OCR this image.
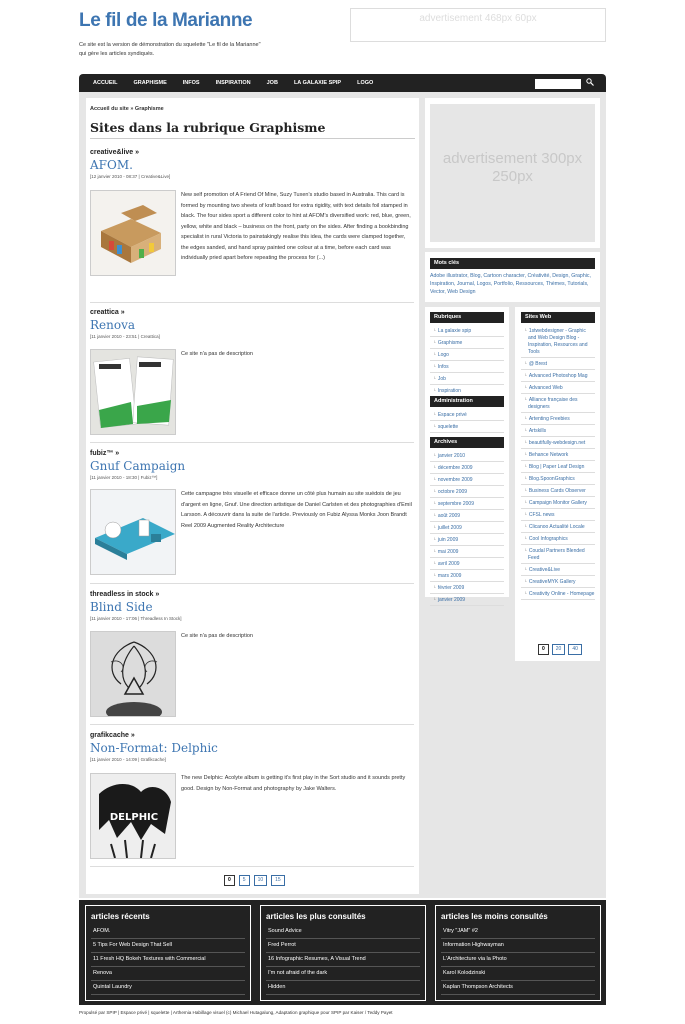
Le fil de la Marianne
Ce site est la version de démonstration du squelette "Le fil de la Marianne" qui gère les articles syndiqués.
advertisement 468px 60px
ACCUEIL	GRAPHISME	INFOS	INSPIRATION	JOB	LA GALAXIE SPIP	LOGO
Accueil du site » Graphisme
Sites dans la rubrique Graphisme
creative&live »
AFOM.
[12 janvier 2010 - 08:37 | Creative&Live]
New self promotion of A Friend Of Mine, Suzy Tuxen's studio based in Australia. This card is formed by mounting two sheets of kraft board for extra rigidity, with text details foil stamped in black. The four sides sport a different color to hint at AFOM's diversified work: red, blue, green, yellow, white and black – business on the front, party on the sides. After finding a bookbinding specialist in rural Victoria to painstakingly realise this idea, the cards were clamped together, the edges sanded, and hand spray painted one colour at a time, before each card was individually pried apart before repeating the process for (...)
creattica »
Renova
[11 janvier 2010 - 23:51 | Creattica]
Ce site n'a pas de description
fubiz™ »
Gnuf Campaign
[11 janvier 2010 - 18:30 | Fubiz™]
Cette campagne très visuelle et efficace donne un côté plus humain au site suédois de jeu d'argent en ligne, Gnuf. Une direction artistique de Daniel Carlsten et des photographies d'Emil Larsson. A découvrir dans la suite de l'article. Previously on Fubiz Alyssa Monks Joon Brandt Reel 2009 Augmented Reality Architecture
threadless in stock »
Blind Side
[11 janvier 2010 - 17:06 | Threadless In Stock]
Ce site n'a pas de description
grafikcache »
Non-Format: Delphic
[11 janvier 2010 - 14:09 | Grafikcache]
DELPHIC
The new Delphic: Acolyte album is getting it's first play in the Sort studio and it sounds pretty good. Design by Non-Format and photography by Jake Walters.
0	5	10	15
advertisement 300px 250px
Mots clés
Adobe illustrator, Blog, Cartoon character, Créativité, Design, Graphic, Inspiration, Journal, Logos, Portfolio, Ressources, Thèmes, Tutorials, Vector, Web Design
Rubriques
└ La galaxie spip
└ Graphisme
└ Logo
└ Infos
└ Job
└ Inspiration
Administration
└ Espace privé
└ squelette
Archives
└ janvier 2010
└ décembre 2009
└ novembre 2009
└ octobre 2009
└ septembre 2009
└ août 2009
└ juillet 2009
└ juin 2009
└ mai 2009
└ avril 2009
└ mars 2009
└ février 2009
└ janvier 2009
Sites Web
└ 1stwebdesigner - Graphic and Web Design Blog - Inspiration, Resources and Tools
└ @ Brest
└ Advanced Photoshop Mag
└ Advanced Web
└ Alliance française des designers
└ Artenting Freebies
└ Artskills
└ beautifully-webdesign.net
└ Behance Network
└ Blog | Paper Leaf Design
└ Blog.SpoonGraphics
└ Business Cards Observer
└ Campaign Monitor Gallery
└ CFSL news
└ Clicanoo Actualité Locale
└ Cool Infographics
└ Coudal Partners Blended Feed
└ Creative&Live
└ CreativeMYK Gallery
└ Creativity Online - Homepage
0	20	40
articles récents
AFOM.
5 Tips For Web Design That Sell
11 Fresh HQ Bokeh Textures with Commercial
Renova
Quintal Laundry
articles les plus consultés
Sound Advice
Fred Perrot
16 Infographic Resumes, A Visual Trend
I'm not afraid of the dark
Hidden
articles les moins consultés
Vitry "JAM" #2
Information Highwayman
L'Architecture via la Photo
Karol Kolodzinski
Kaplan Thompson Architects
Propulsé par SPIP | Espace privé | squelette | Arthemia Habillage visuel (c) Michael Hutagalung, Adaptation graphique pour SPIP par Kaiser / Teddy Payet
